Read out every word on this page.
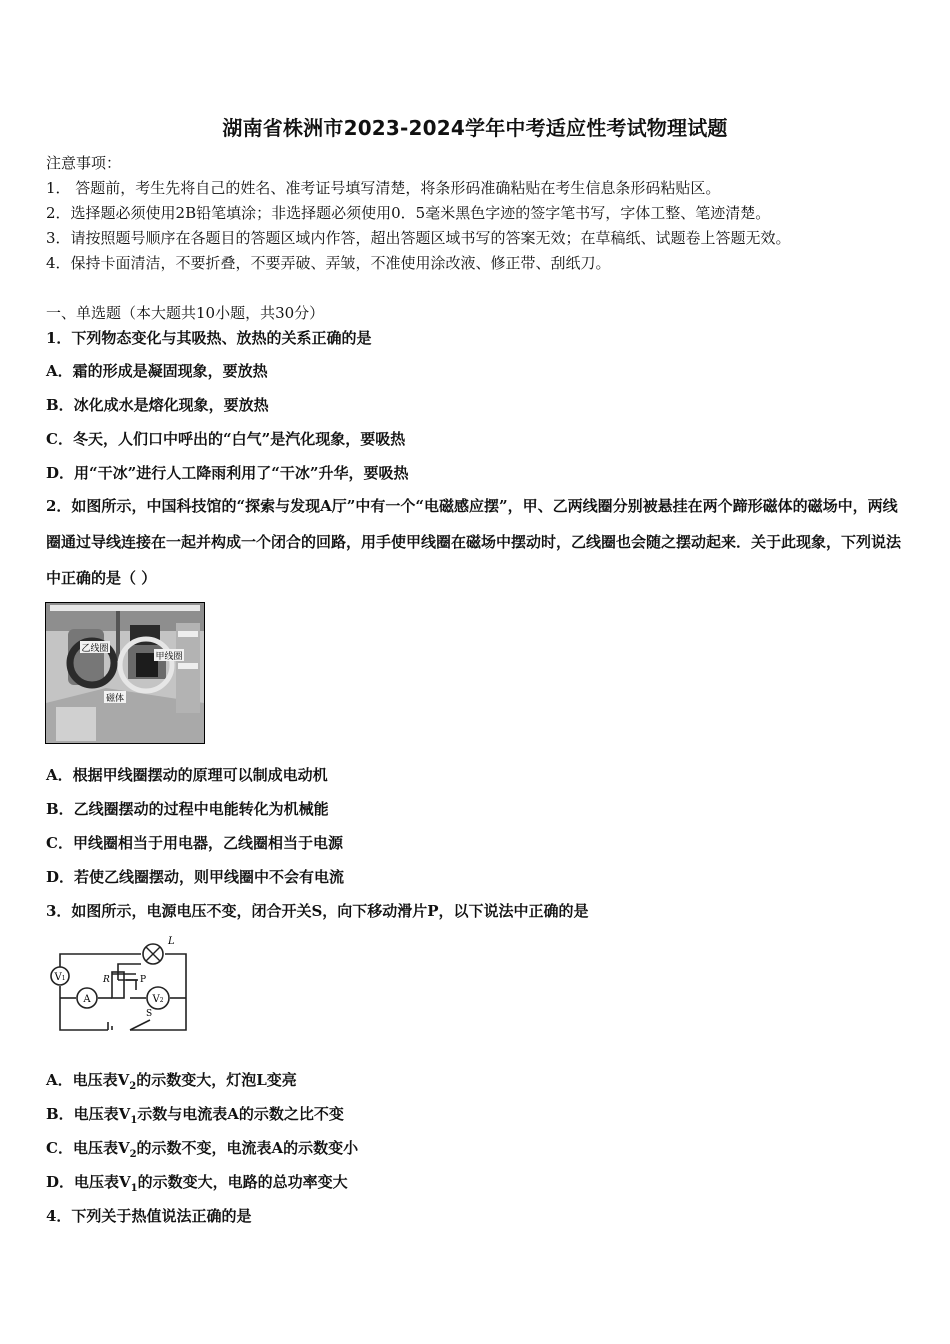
湖南省株洲市2023-2024学年中考适应性考试物理试题
注意事项：
1． 答题前，考生先将自己的姓名、准考证号填写清楚，将条形码准确粘贴在考生信息条形码粘贴区。
2．选择题必须使用2B铅笔填涂；非选择题必须使用0．5毫米黑色字迹的签字笔书写，字体工整、笔迹清楚。
3．请按照题号顺序在各题目的答题区域内作答，超出答题区域书写的答案无效；在草稿纸、试题卷上答题无效。
4．保持卡面清洁，不要折叠，不要弄破、弄皱，不准使用涂改液、修正带、刮纸刀。
一、单选题（本大题共10小题，共30分）
1．下列物态变化与其吸热、放热的关系正确的是
A．霜的形成是凝固现象，要放热
B．冰化成水是熔化现象，要放热
C．冬天，人们口中呼出的“白气”是汽化现象，要吸热
D．用“干冰”进行人工降雨利用了“干冰”升华，要吸热
2．如图所示，中国科技馆的“探索与发现A厅”中有一个“电磁感应摆”，甲、乙两线圈分别被悬挂在两个蹄形磁体的磁场中，两线圈通过导线连接在一起并构成一个闭合的回路，用手使甲线圈在磁场中摆动时，乙线圈也会随之摆动起来．关于此现象，下列说法中正确的是（ ）
乙线圈
甲线圈
磁体
A．根据甲线圈摆动的原理可以制成电动机
B．乙线圈摆动的过程中电能转化为机械能
C．甲线圈相当于用电器，乙线圈相当于电源
D．若使乙线圈摆动，则甲线圈中不会有电流
3．如图所示，电源电压不变，闭合开关S，向下移动滑片P，以下说法中正确的是
V1
A	V2
L
R	P
S
A．电压表$V_2$的示数变大，灯泡L变亮
B．电压表$V_1$示数与电流表A的示数之比不变
C．电压表$V_2$的示数不变，电流表A的示数变小
D．电压表$V_1$的示数变大，电路的总功率变大
4．下列关于热值说法正确的是
